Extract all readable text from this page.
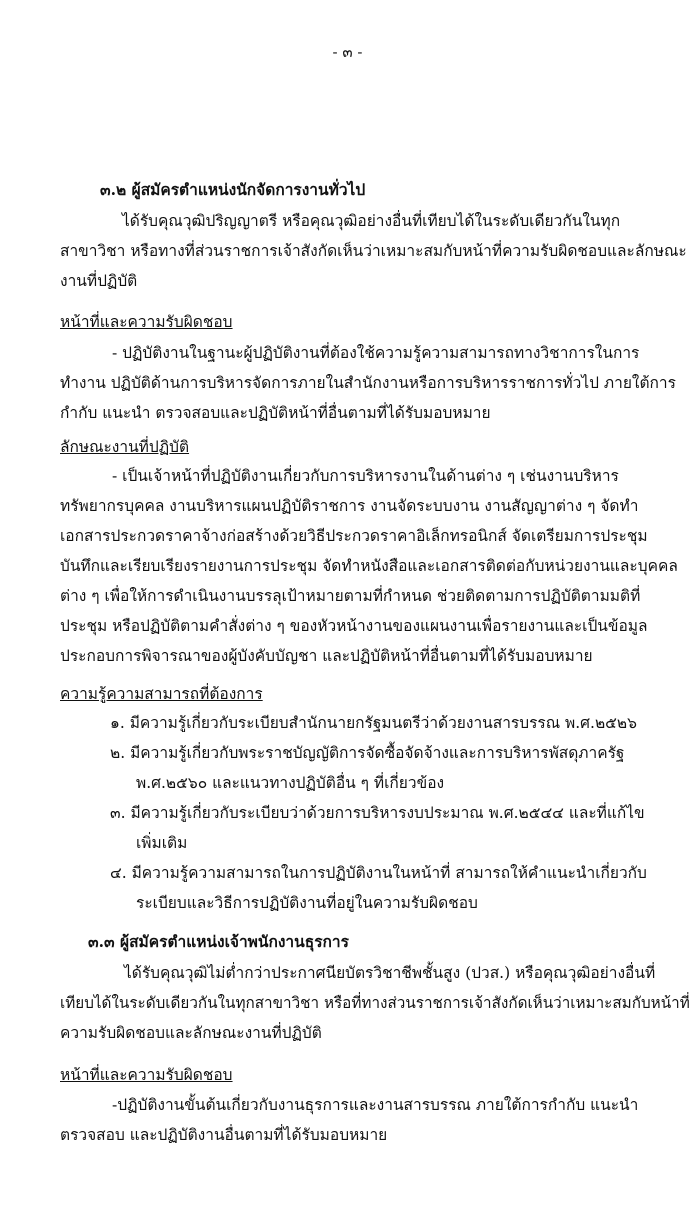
- ๓ -
๓.๒ ผู้สมัครตำแหน่งนักจัดการงานทั่วไป
ได้รับคุณวุฒิปริญญาตรี หรือคุณวุฒิอย่างอื่นที่เทียบได้ในระดับเดียวกันในทุก
สาขาวิชา หรือทางที่ส่วนราชการเจ้าสังกัดเห็นว่าเหมาะสมกับหน้าที่ความรับผิดชอบและลักษณะ
งานที่ปฏิบัติ
หน้าที่และความรับผิดชอบ
- ปฏิบัติงานในฐานะผู้ปฏิบัติงานที่ต้องใช้ความรู้ความสามารถทางวิชาการในการ
ทำงาน ปฏิบัติด้านการบริหารจัดการภายในสำนักงานหรือการบริหารราชการทั่วไป ภายใต้การ
กำกับ แนะนำ ตรวจสอบและปฏิบัติหน้าที่อื่นตามที่ได้รับมอบหมาย
ลักษณะงานที่ปฏิบัติ
- เป็นเจ้าหน้าที่ปฏิบัติงานเกี่ยวกับการบริหารงานในด้านต่าง ๆ เช่นงานบริหาร
ทรัพยากรบุคคล งานบริหารแผนปฏิบัติราชการ งานจัดระบบงาน งานสัญญาต่าง ๆ จัดทำ
เอกสารประกวดราคาจ้างก่อสร้างด้วยวิธีประกวดราคาอิเล็กทรอนิกส์ จัดเตรียมการประชุม
บันทึกและเรียบเรียงรายงานการประชุม จัดทำหนังสือและเอกสารติดต่อกับหน่วยงานและบุคคล
ต่าง ๆ เพื่อให้การดำเนินงานบรรลุเป้าหมายตามที่กำหนด ช่วยติดตามการปฏิบัติตามมติที่
ประชุม หรือปฏิบัติตามคำสั่งต่าง ๆ ของหัวหน้างานของแผนงานเพื่อรายงานและเป็นข้อมูล
ประกอบการพิจารณาของผู้บังคับบัญชา และปฏิบัติหน้าที่อื่นตามที่ได้รับมอบหมาย
ความรู้ความสามารถที่ต้องการ
๑. มีความรู้เกี่ยวกับระเบียบสำนักนายกรัฐมนตรีว่าด้วยงานสารบรรณ พ.ศ.๒๕๒๖
๒. มีความรู้เกี่ยวกับพระราชบัญญัติการจัดซื้อจัดจ้างและการบริหารพัสดุภาครัฐ
พ.ศ.๒๕๖๐ และแนวทางปฏิบัติอื่น ๆ ที่เกี่ยวข้อง
๓. มีความรู้เกี่ยวกับระเบียบว่าด้วยการบริหารงบประมาณ พ.ศ.๒๕๔๔ และที่แก้ไข
เพิ่มเติม
๔. มีความรู้ความสามารถในการปฏิบัติงานในหน้าที่ สามารถให้คำแนะนำเกี่ยวกับ
ระเบียบและวิธีการปฏิบัติงานที่อยู่ในความรับผิดชอบ
๓.๓ ผู้สมัครตำแหน่งเจ้าพนักงานธุรการ
ได้รับคุณวุฒิไม่ต่ำกว่าประกาศนียบัตรวิชาชีพชั้นสูง (ปวส.) หรือคุณวุฒิอย่างอื่นที่
เทียบได้ในระดับเดียวกันในทุกสาขาวิชา หรือที่ทางส่วนราชการเจ้าสังกัดเห็นว่าเหมาะสมกับหน้าที่
ความรับผิดชอบและลักษณะงานที่ปฏิบัติ
หน้าที่และความรับผิดชอบ
-ปฏิบัติงานขั้นต้นเกี่ยวกับงานธุรการและงานสารบรรณ ภายใต้การกำกับ แนะนำ
ตรวจสอบ และปฏิบัติงานอื่นตามที่ได้รับมอบหมาย
